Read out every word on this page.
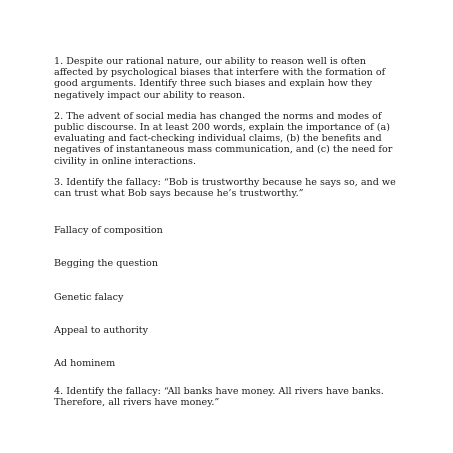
1. Despite our rational nature, our ability to reason well is often affected by psychological biases that interfere with the formation of good arguments. Identify three such biases and explain how they negatively impact our ability to reason.

2. The advent of social media has changed the norms and modes of public discourse. In at least 200 words, explain the importance of (a) evaluating and fact-checking individual claims, (b) the benefits and negatives of instantaneous mass communication, and (c) the need for civility in online interactions.

3. Identify the fallacy: “Bob is trustworthy because he says so, and we can trust what Bob says because he’s trustworthy.”

Fallacy of composition

Begging the question

Genetic falacy

Appeal to authority

Ad hominem

4. Identify the fallacy: “All banks have money. All rivers have banks. Therefore, all rivers have money.”
